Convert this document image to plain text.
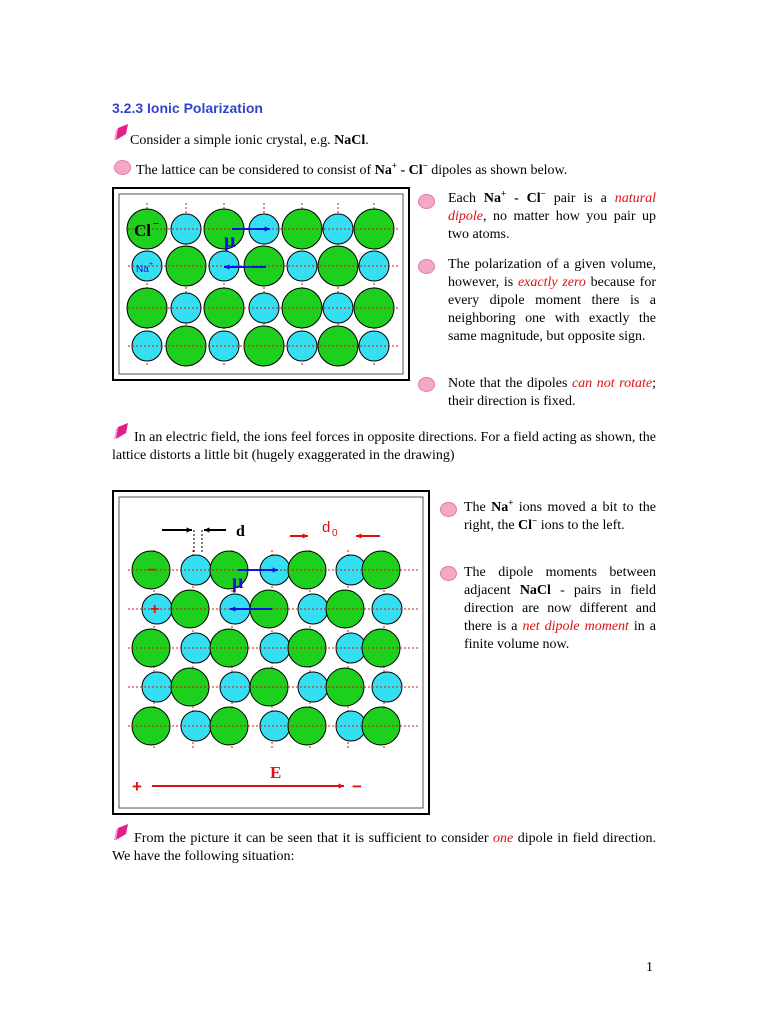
3.2.3 Ionic Polarization
Consider a simple ionic crystal, e.g. NaCl.
The lattice can be considered to consist of Na+ - Cl− dipoles as shown below.
Cl −
Na +
μ
Each Na+ - Cl− pair is a natural dipole, no matter how you pair up two atoms.
The polarization of a given volume, however, is exactly zero because for every dipole moment there is a neighboring one with exactly the same magnitude, but opposite sign.
Note that the dipoles can not rotate; their direction is fixed.
In an electric field, the ions feel forces in opposite directions. For a field acting as shown, the lattice distorts a little bit (hugely exaggerated in the drawing)
d	d 0
μ
−
+
+	−
E
The Na+ ions moved a bit to the right, the Cl− ions to the left.
The dipole moments between adjacent NaCl - pairs in field direction are now different and there is a net dipole moment in a finite volume now.
From the picture it can be seen that it is sufficient to consider one dipole in field direction. We have the following situation:
1
